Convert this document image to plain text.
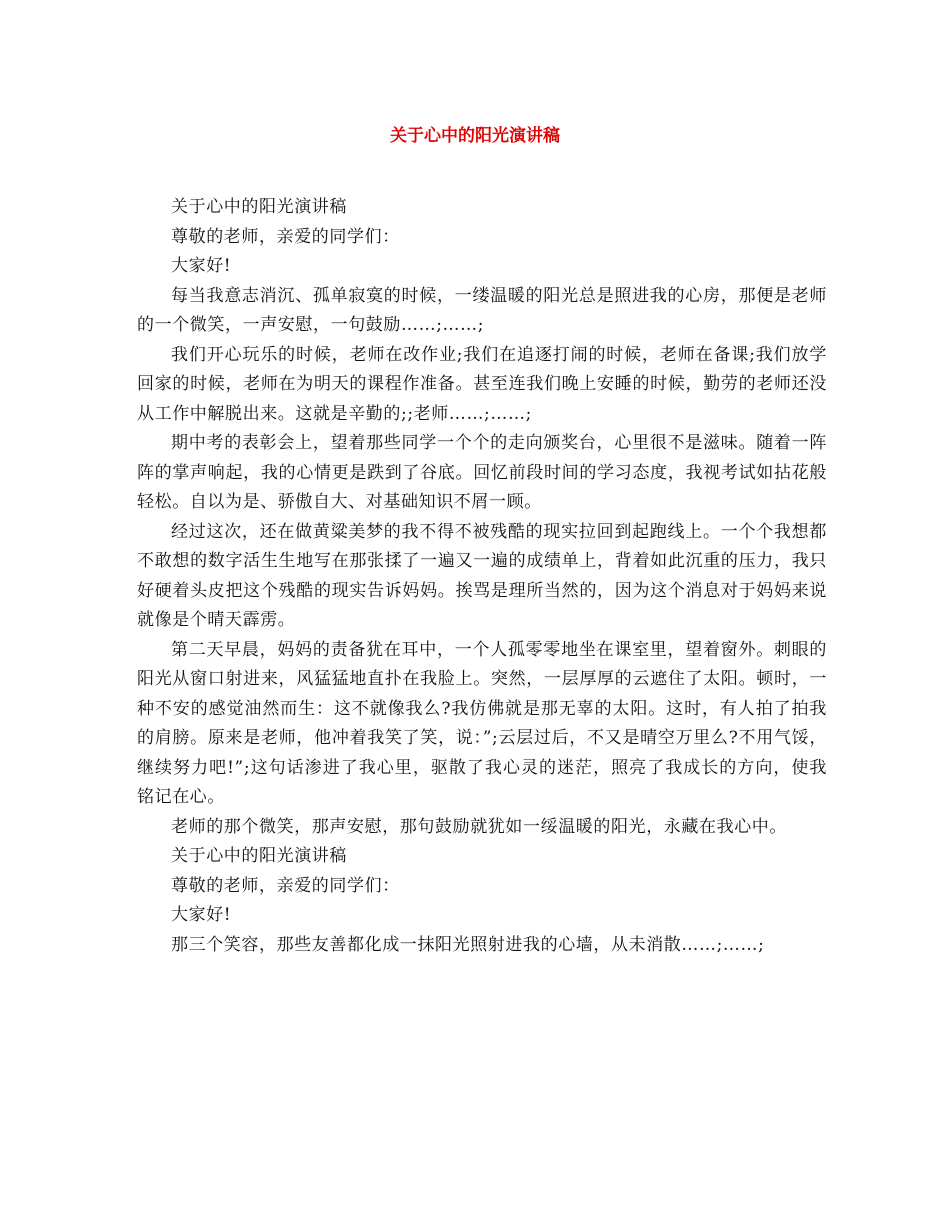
关于心中的阳光演讲稿

关于心中的阳光演讲稿

尊敬的老师，亲爱的同学们：

大家好!

每当我意志消沉、孤单寂寞的时候，一缕温暖的阳光总是照进我的心房，那便是老师的一个微笑，一声安慰，一句鼓励……;……;

我们开心玩乐的时候，老师在改作业;我们在追逐打闹的时候，老师在备课;我们放学回家的时候，老师在为明天的课程作准备。甚至连我们晚上安睡的时候，勤劳的老师还没从工作中解脱出来。这就是辛勤的;;老师……;……;

期中考的表彰会上，望着那些同学一个个的走向颁奖台，心里很不是滋味。随着一阵阵的掌声响起，我的心情更是跌到了谷底。回忆前段时间的学习态度，我视考试如拈花般轻松。自以为是、骄傲自大、对基础知识不屑一顾。

经过这次，还在做黄粱美梦的我不得不被残酷的现实拉回到起跑线上。一个个我想都不敢想的数字活生生地写在那张揉了一遍又一遍的成绩单上，背着如此沉重的压力，我只好硬着头皮把这个残酷的现实告诉妈妈。挨骂是理所当然的，因为这个消息对于妈妈来说就像是个晴天霹雳。

第二天早晨，妈妈的责备犹在耳中，一个人孤零零地坐在课室里，望着窗外。刺眼的阳光从窗口射进来，风猛猛地直扑在我脸上。突然，一层厚厚的云遮住了太阳。顿时，一种不安的感觉油然而生：这不就像我么?我仿佛就是那无辜的太阳。这时，有人拍了拍我的肩膀。原来是老师，他冲着我笑了笑，说：”;云层过后，不又是晴空万里么?不用气馁，继续努力吧!”;这句话渗进了我心里，驱散了我心灵的迷茫，照亮了我成长的方向，使我铭记在心。

老师的那个微笑，那声安慰，那句鼓励就犹如一绥温暖的阳光，永藏在我心中。

关于心中的阳光演讲稿

尊敬的老师，亲爱的同学们：

大家好!

那三个笑容，那些友善都化成一抹阳光照射进我的心墙，从未消散……;……;
